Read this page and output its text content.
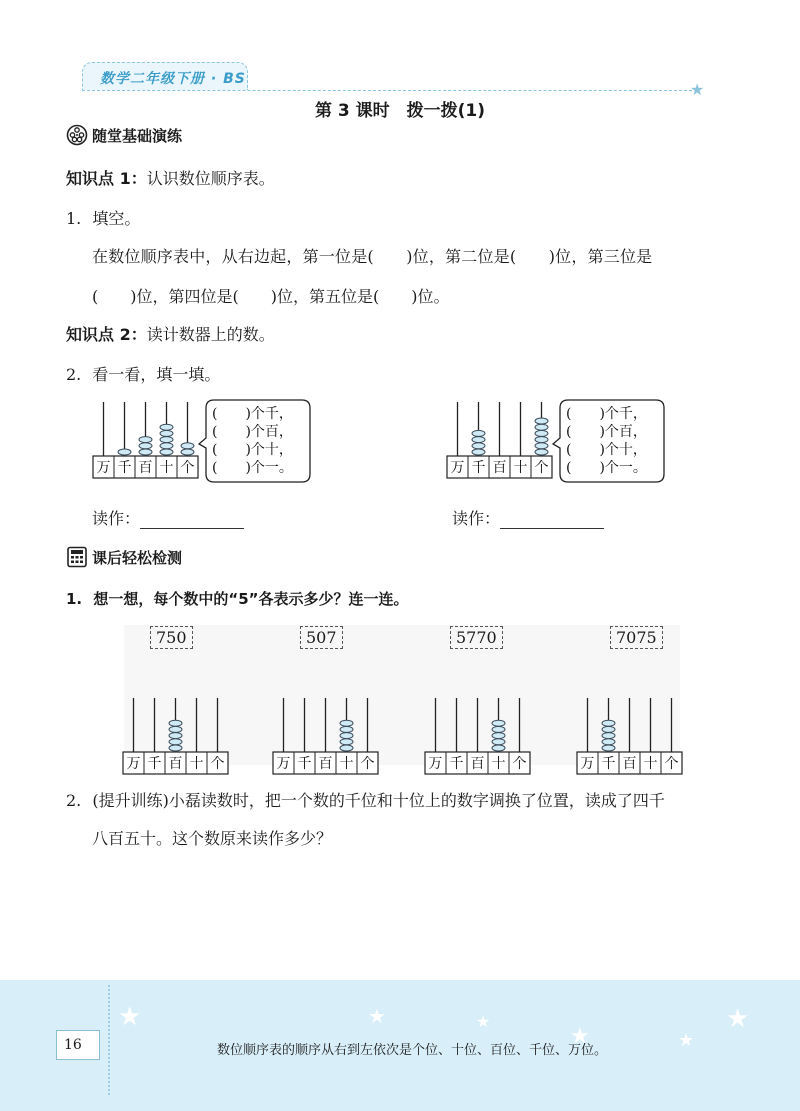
数学二年级下册 · BS
★
第 3 课时　拨一拨(1)
随堂基础演练
知识点 1：认识数位顺序表。
1. 填空。
在数位顺序表中，从右边起，第一位是(　　)位，第二位是(　　)位，第三位是
(　　)位，第四位是(　　)位，第五位是(　　)位。
知识点 2：读计数器上的数。
2. 看一看，填一填。
万 千 百 十 个
(　　)个千，
(　　)个百，
(　　)个十，
(　　)个一。	万 千 百 十 个
(　　)个千，
(　　)个百，
(　　)个十，
(　　)个一。
读作：	读作：
课后轻松检测
1. 想一想，每个数中的“5”各表示多少？连一连。
750	507	5770	7075
万 千 百 十 个	万 千 百 十 个	万 千 百 十 个	万 千 百 十 个
2. (提升训练)小磊读数时，把一个数的千位和十位上的数字调换了位置，读成了四千
八百五十。这个数原来读作多少？
★	★	★
★	★
★
16	数位顺序表的顺序从右到左依次是个位、十位、百位、千位、万位。
